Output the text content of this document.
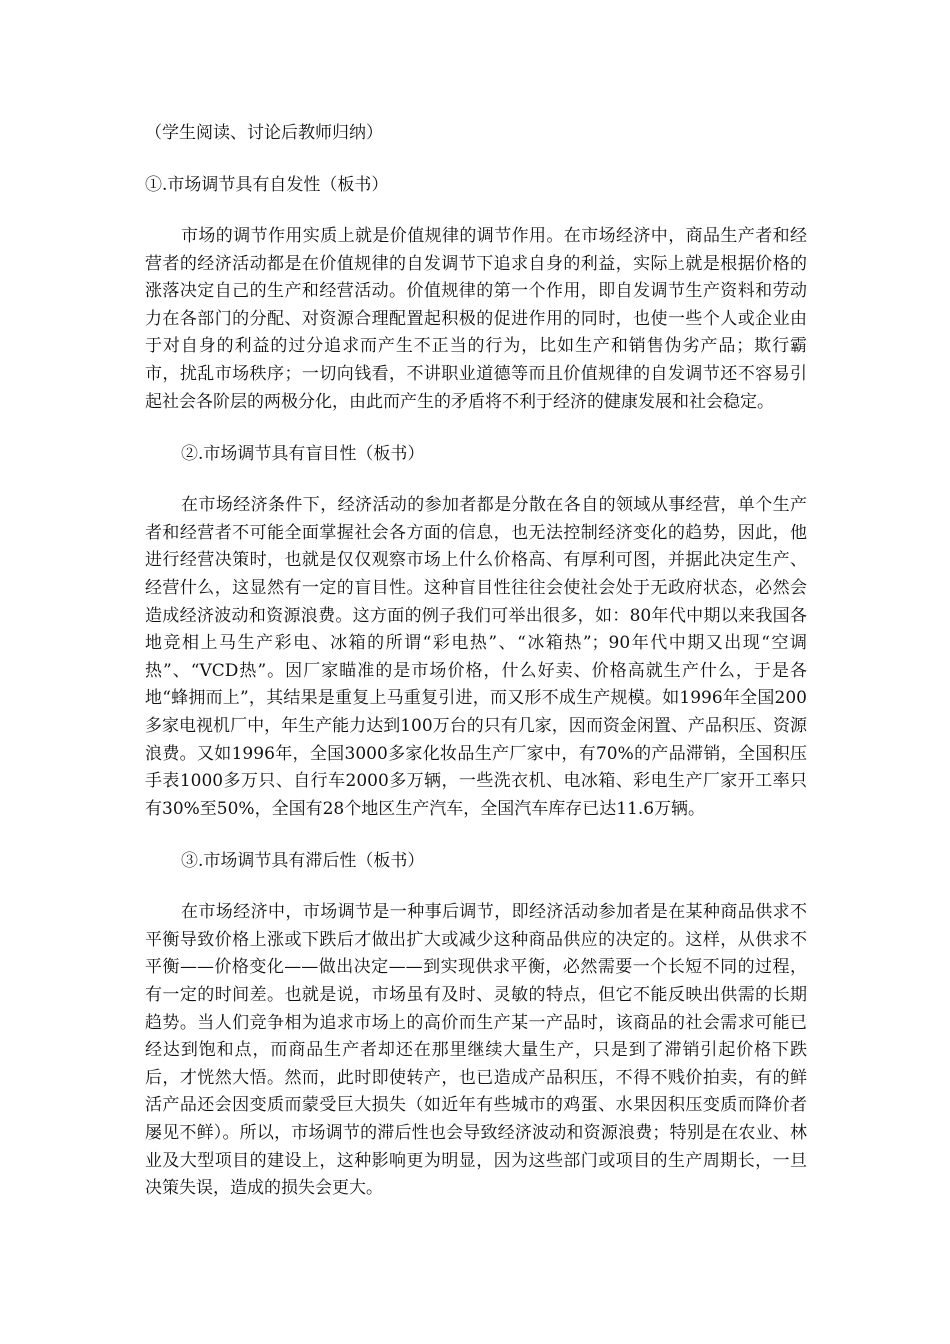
（学生阅读、讨论后教师归纳）
①.市场调节具有自发性（板书）

市场的调节作用实质上就是价值规律的调节作用。在市场经济中，商品生产者和经营者的经济活动都是在价值规律的自发调节下追求自身的利益，实际上就是根据价格的涨落决定自己的生产和经营活动。价值规律的第一个作用，即自发调节生产资料和劳动力在各部门的分配、对资源合理配置起积极的促进作用的同时，也使一些个人或企业由于对自身的利益的过分追求而产生不正当的行为，比如生产和销售伪劣产品；欺行霸市，扰乱市场秩序；一切向钱看，不讲职业道德等而且价值规律的自发调节还不容易引起社会各阶层的两极分化，由此而产生的矛盾将不利于经济的健康发展和社会稳定。

②.市场调节具有盲目性（板书）

在市场经济条件下，经济活动的参加者都是分散在各自的领域从事经营，单个生产者和经营者不可能全面掌握社会各方面的信息，也无法控制经济变化的趋势，因此，他进行经营决策时，也就是仅仅观察市场上什么价格高、有厚利可图，并据此决定生产、经营什么，这显然有一定的盲目性。这种盲目性往往会使社会处于无政府状态，必然会造成经济波动和资源浪费。这方面的例子我们可举出很多，如：80年代中期以来我国各地竞相上马生产彩电、冰箱的所谓“彩电热”、“冰箱热”；90年代中期又出现“空调热”、“VCD热”。因厂家瞄准的是市场价格，什么好卖、价格高就生产什么，于是各地“蜂拥而上”，其结果是重复上马重复引进，而又形不成生产规模。如1996年全国200多家电视机厂中，年生产能力达到100万台的只有几家，因而资金闲置、产品积压、资源浪费。又如1996年，全国3000多家化妆品生产厂家中，有70%的产品滞销，全国积压手表1000多万只、自行车2000多万辆，一些洗衣机、电冰箱、彩电生产厂家开工率只有30%至50%，全国有28个地区生产汽车，全国汽车库存已达11.6万辆。

③.市场调节具有滞后性（板书）

在市场经济中，市场调节是一种事后调节，即经济活动参加者是在某种商品供求不平衡导致价格上涨或下跌后才做出扩大或减少这种商品供应的决定的。这样，从供求不平衡——价格变化——做出决定——到实现供求平衡，必然需要一个长短不同的过程，有一定的时间差。也就是说，市场虽有及时、灵敏的特点，但它不能反映出供需的长期趋势。当人们竞争相为追求市场上的高价而生产某一产品时，该商品的社会需求可能已经达到饱和点，而商品生产者却还在那里继续大量生产，只是到了滞销引起价格下跌后，才恍然大悟。然而，此时即使转产，也已造成产品积压，不得不贱价拍卖，有的鲜活产品还会因变质而蒙受巨大损失（如近年有些城市的鸡蛋、水果因积压变质而降价者屡见不鲜）。所以，市场调节的滞后性也会导致经济波动和资源浪费；特别是在农业、林业及大型项目的建设上，这种影响更为明显，因为这些部门或项目的生产周期长，一旦决策失误，造成的损失会更大。
